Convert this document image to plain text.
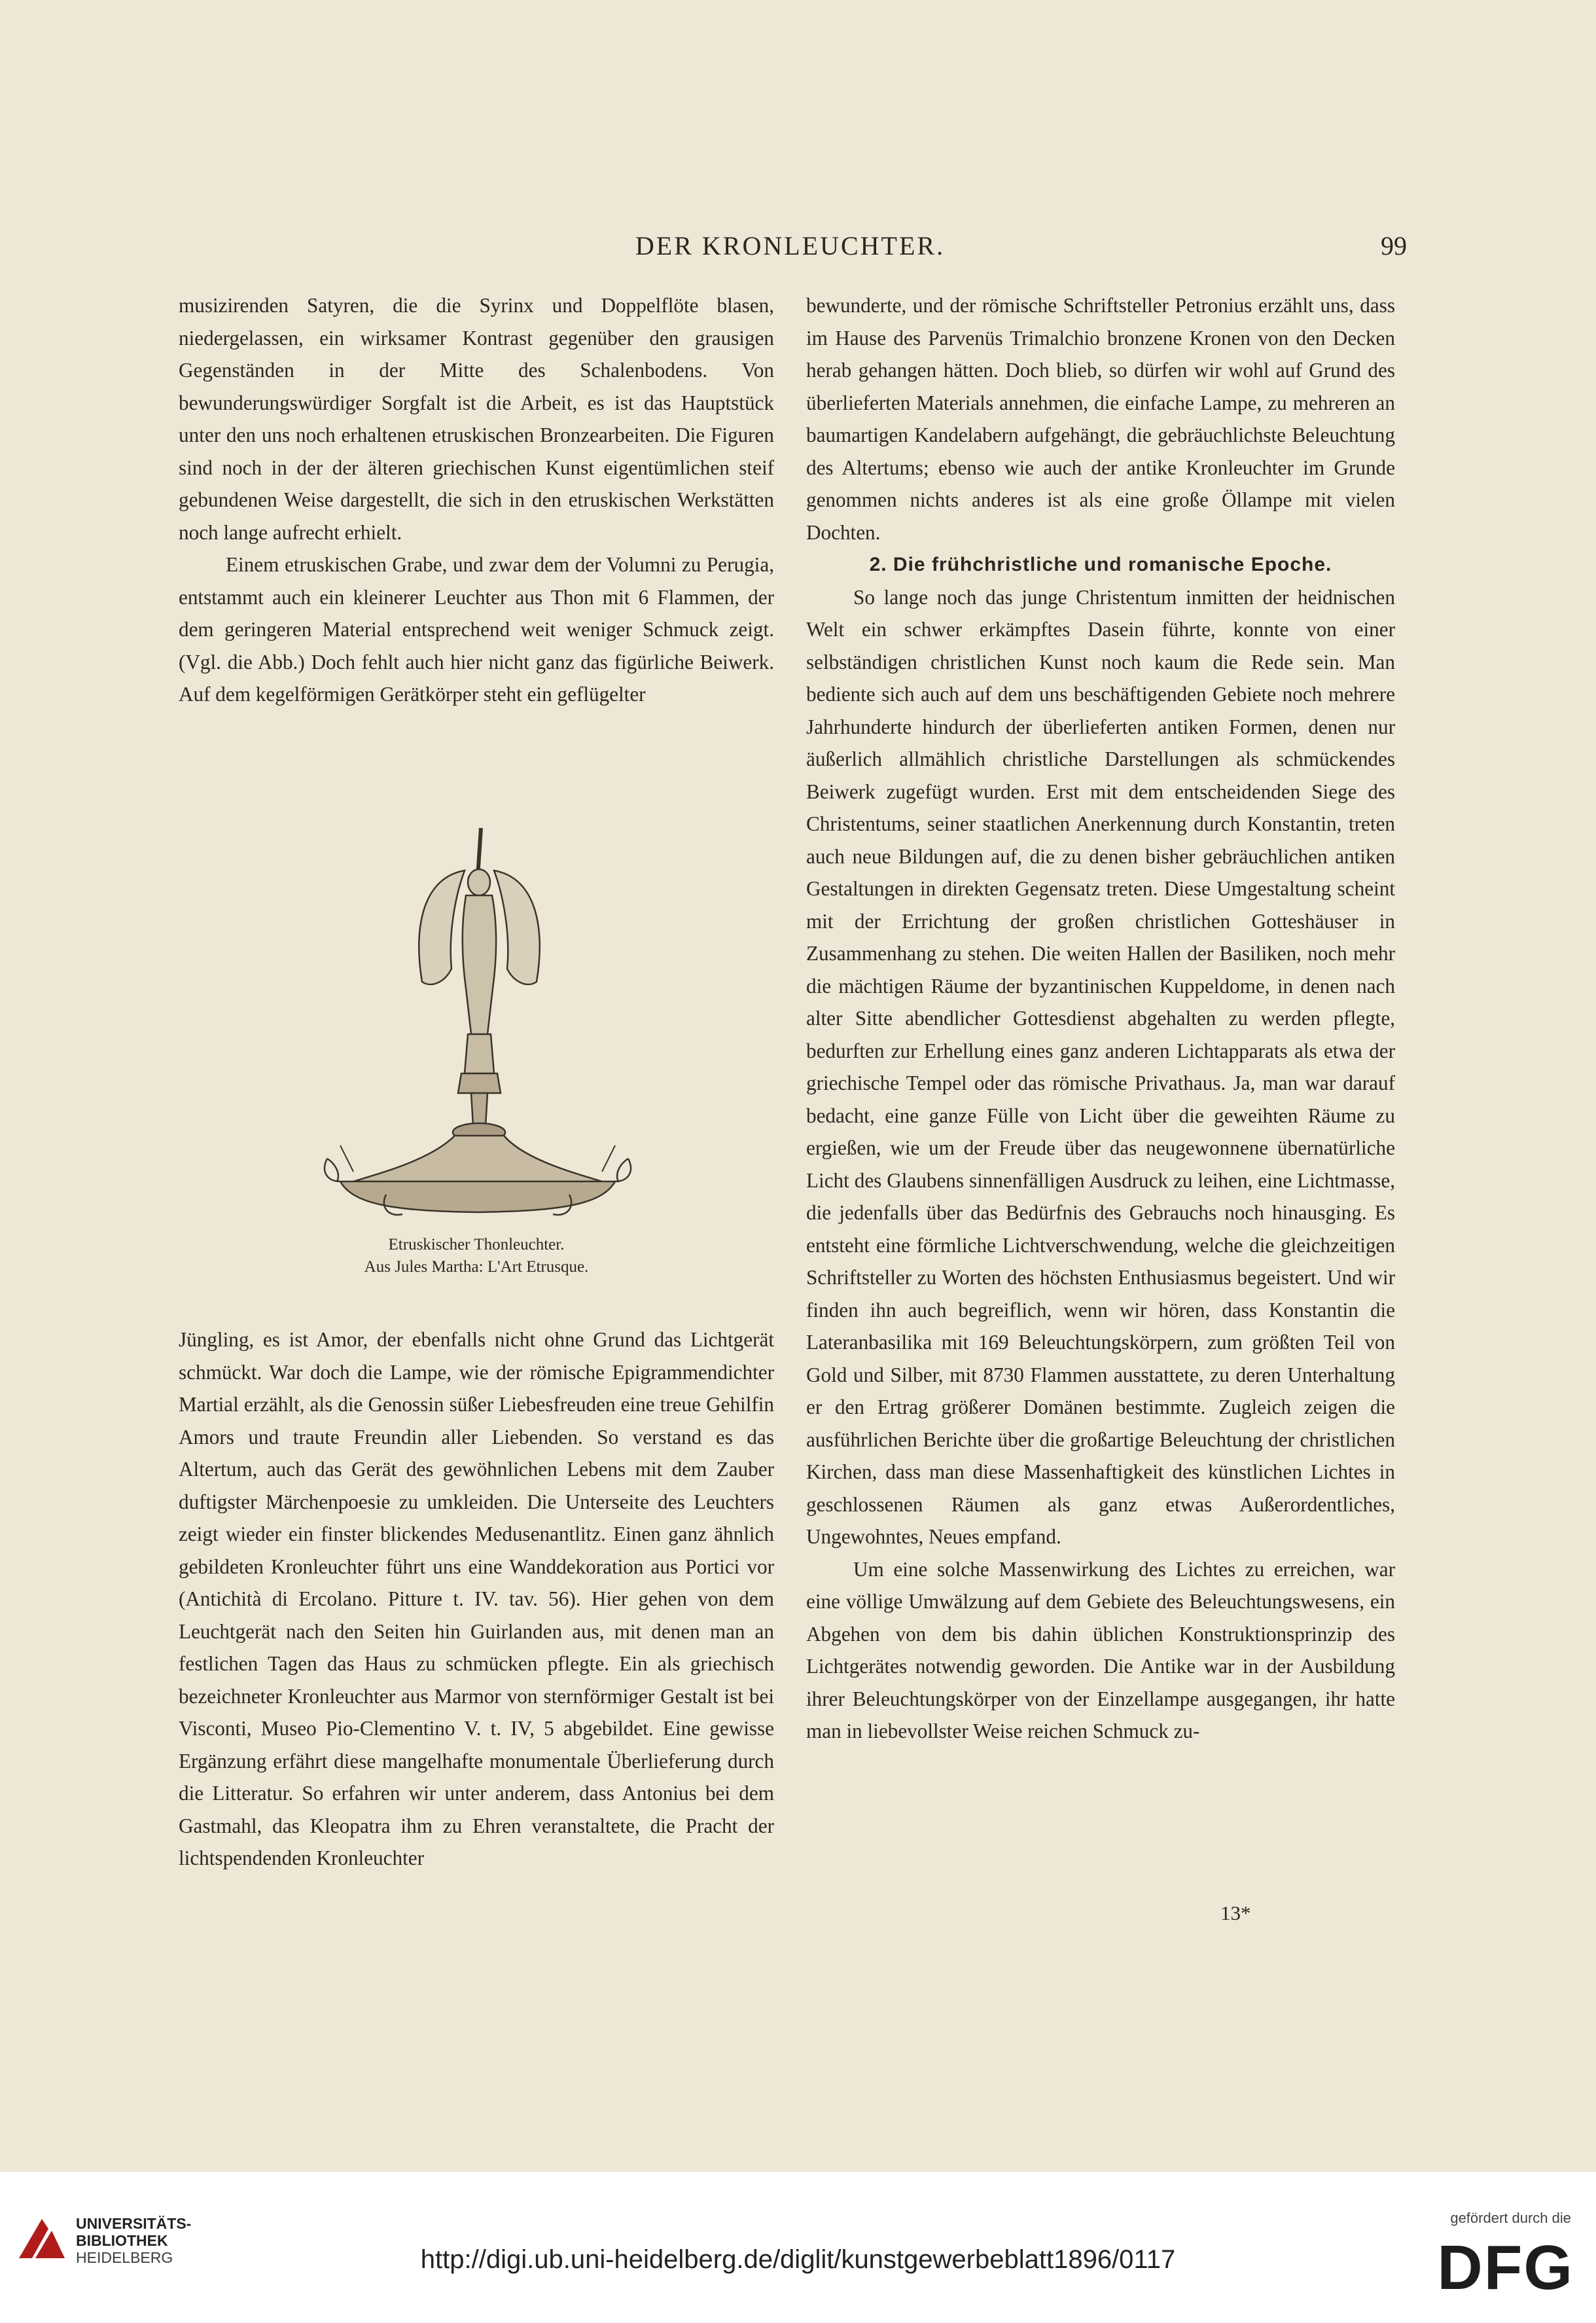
DER KRONLEUCHTER.	99

musizirenden Satyren, die die Syrinx und Doppelflöte blasen, niedergelassen, ein wirksamer Kontrast gegenüber den grausigen Gegenständen in der Mitte des Schalenbodens. Von bewunderungswürdiger Sorgfalt ist die Arbeit, es ist das Hauptstück unter den uns noch erhaltenen etruskischen Bronzearbeiten. Die Figuren sind noch in der der älteren griechischen Kunst eigentümlichen steif gebundenen Weise dargestellt, die sich in den etruskischen Werkstätten noch lange aufrecht erhielt.

Einem etruskischen Grabe, und zwar dem der Volumni zu Perugia, entstammt auch ein kleinerer Leuchter aus Thon mit 6 Flammen, der dem geringeren Material entsprechend weit weniger Schmuck zeigt. (Vgl. die Abb.) Doch fehlt auch hier nicht ganz das figürliche Beiwerk. Auf dem kegelförmigen Gerätkörper steht ein geflügelter

Etruskischer Thonleuchter.
Aus Jules Martha: L'Art Etrusque.

Jüngling, es ist Amor, der ebenfalls nicht ohne Grund das Lichtgerät schmückt. War doch die Lampe, wie der römische Epigrammendichter Martial erzählt, als die Genossin süßer Liebesfreuden eine treue Gehilfin Amors und traute Freundin aller Liebenden. So verstand es das Altertum, auch das Gerät des gewöhnlichen Lebens mit dem Zauber duftigster Märchenpoesie zu umkleiden. Die Unterseite des Leuchters zeigt wieder ein finster blickendes Medusenantlitz. Einen ganz ähnlich gebildeten Kronleuchter führt uns eine Wanddekoration aus Portici vor (Antichità di Ercolano. Pitture t. IV. tav. 56). Hier gehen von dem Leuchtgerät nach den Seiten hin Guirlanden aus, mit denen man an festlichen Tagen das Haus zu schmücken pflegte. Ein als griechisch bezeichneter Kronleuchter aus Marmor von sternförmiger Gestalt ist bei Visconti, Museo Pio-Clementino V. t. IV, 5 abgebildet. Eine gewisse Ergänzung erfährt diese mangelhafte monumentale Überlieferung durch die Litteratur. So erfahren wir unter anderem, dass Antonius bei dem Gastmahl, das Kleopatra ihm zu Ehren veranstaltete, die Pracht der lichtspendenden Kronleuchter

bewunderte, und der römische Schriftsteller Petronius erzählt uns, dass im Hause des Parvenüs Trimalchio bronzene Kronen von den Decken herab gehangen hätten. Doch blieb, so dürfen wir wohl auf Grund des überlieferten Materials annehmen, die einfache Lampe, zu mehreren an baumartigen Kandelabern aufgehängt, die gebräuchlichste Beleuchtung des Altertums; ebenso wie auch der antike Kronleuchter im Grunde genommen nichts anderes ist als eine große Öllampe mit vielen Dochten.

2. Die frühchristliche und romanische Epoche.

So lange noch das junge Christentum inmitten der heidnischen Welt ein schwer erkämpftes Dasein führte, konnte von einer selbständigen christlichen Kunst noch kaum die Rede sein. Man bediente sich auch auf dem uns beschäftigenden Gebiete noch mehrere Jahrhunderte hindurch der überlieferten antiken Formen, denen nur äußerlich allmählich christliche Darstellungen als schmückendes Beiwerk zugefügt wurden. Erst mit dem entscheidenden Siege des Christentums, seiner staatlichen Anerkennung durch Konstantin, treten auch neue Bildungen auf, die zu denen bisher gebräuchlichen antiken Gestaltungen in direkten Gegensatz treten. Diese Umgestaltung scheint mit der Errichtung der großen christlichen Gotteshäuser in Zusammenhang zu stehen. Die weiten Hallen der Basiliken, noch mehr die mächtigen Räume der byzantinischen Kuppeldome, in denen nach alter Sitte abendlicher Gottesdienst abgehalten zu werden pflegte, bedurften zur Erhellung eines ganz anderen Lichtapparats als etwa der griechische Tempel oder das römische Privathaus. Ja, man war darauf bedacht, eine ganze Fülle von Licht über die geweihten Räume zu ergießen, wie um der Freude über das neugewonnene übernatürliche Licht des Glaubens sinnenfälligen Ausdruck zu leihen, eine Lichtmasse, die jedenfalls über das Bedürfnis des Gebrauchs noch hinausging. Es entsteht eine förmliche Lichtverschwendung, welche die gleichzeitigen Schriftsteller zu Worten des höchsten Enthusiasmus begeistert. Und wir finden ihn auch begreiflich, wenn wir hören, dass Konstantin die Lateranbasilika mit 169 Beleuchtungskörpern, zum größten Teil von Gold und Silber, mit 8730 Flammen ausstattete, zu deren Unterhaltung er den Ertrag größerer Domänen bestimmte. Zugleich zeigen die ausführlichen Berichte über die großartige Beleuchtung der christlichen Kirchen, dass man diese Massenhaftigkeit des künstlichen Lichtes in geschlossenen Räumen als ganz etwas Außerordentliches, Ungewohntes, Neues empfand.

Um eine solche Massenwirkung des Lichtes zu erreichen, war eine völlige Umwälzung auf dem Gebiete des Beleuchtungswesens, ein Abgehen von dem bis dahin üblichen Konstruktionsprinzip des Lichtgerätes notwendig geworden. Die Antike war in der Ausbildung ihrer Beleuchtungskörper von der Einzellampe ausgegangen, ihr hatte man in liebevollster Weise reichen Schmuck zu-

13*
UNIVERSITÄTS-
BIBLIOTHEK
HEIDELBERG	http://digi.ub.uni-heidelberg.de/diglit/kunstgewerbeblatt1896/0117
gefördert durch die
DFG
